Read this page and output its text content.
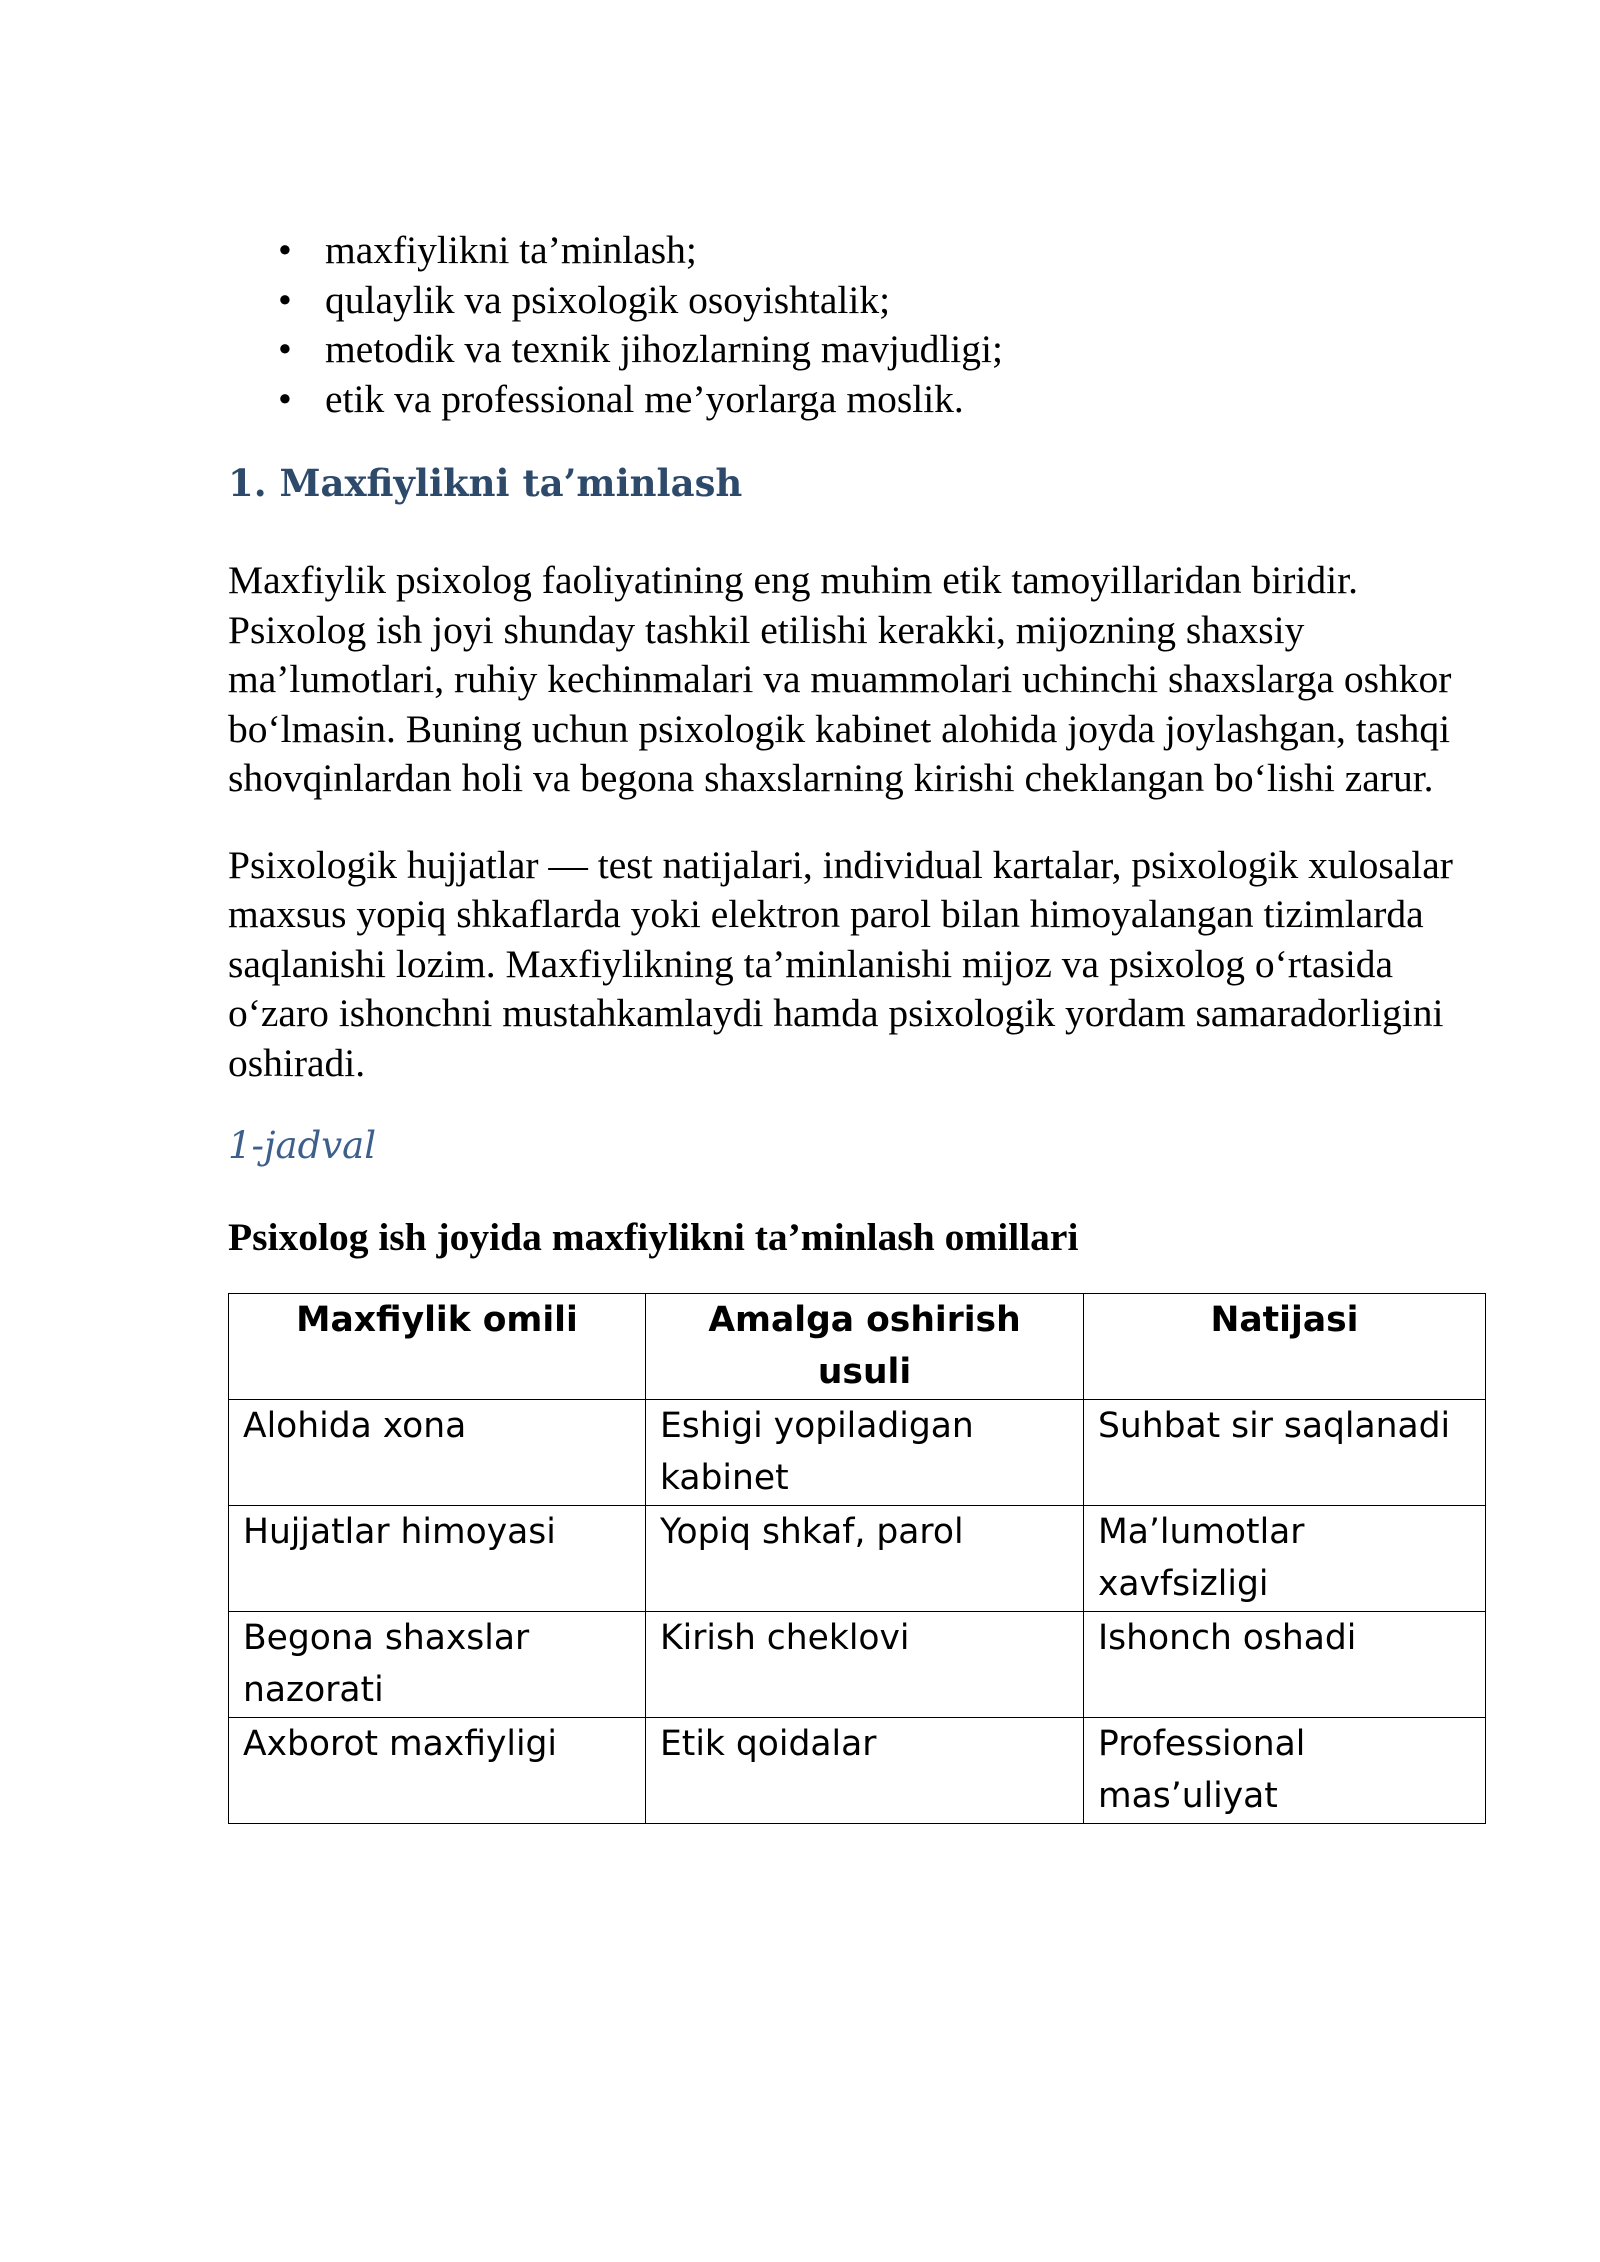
• maxfiylikni ta’minlash;
• qulaylik va psixologik osoyishtalik;
• metodik va texnik jihozlarning mavjudligi;
• etik va professional me’yorlarga moslik.
1. Maxfiylikni ta’minlash

Maxfiylik psixolog faoliyatining eng muhim etik tamoyillaridan biridir. Psixolog ish joyi shunday tashkil etilishi kerakki, mijozning shaxsiy ma’lumotlari, ruhiy kechinmalari va muammolari uchinchi shaxslarga oshkor bo‘lmasin. Buning uchun psixologik kabinet alohida joyda joylashgan, tashqi shovqinlardan holi va begona shaxslarning kirishi cheklangan bo‘lishi zarur.

Psixologik hujjatlar — test natijalari, individual kartalar, psixologik xulosalar maxsus yopiq shkaflarda yoki elektron parol bilan himoyalangan tizimlarda saqlanishi lozim. Maxfiylikning ta’minlanishi mijoz va psixolog o‘rtasida o‘zaro ishonchni mustahkamlaydi hamda psixologik yordam samaradorligini oshiradi.

1-jadval
Psixolog ish joyida maxfiylikni ta’minlash omillari
Maxfiylik omili	Amalga oshirish usuli	Natijasi
Alohida xona	Eshigi yopiladigan kabinet	Suhbat sir saqlanadi
Hujjatlar himoyasi	Yopiq shkaf, parol	Ma’lumotlar xavfsizligi
Begona shaxslar nazorati	Kirish cheklovi	Ishonch oshadi
Axborot maxfiyligi	Etik qoidalar	Professional mas’uliyat
